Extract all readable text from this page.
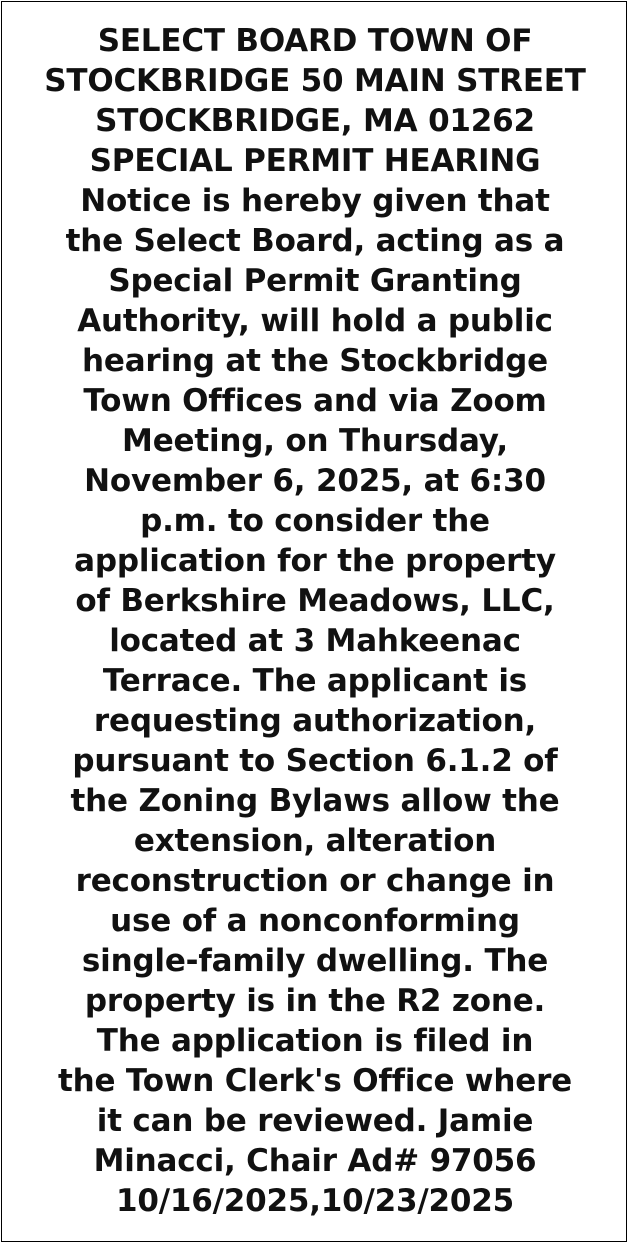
SELECT BOARD TOWN OF
STOCKBRIDGE 50 MAIN STREET
STOCKBRIDGE, MA 01262
SPECIAL PERMIT HEARING
Notice is hereby given that
the Select Board, acting as a
Special Permit Granting
Authority, will hold a public
hearing at the Stockbridge
Town Offices and via Zoom
Meeting, on Thursday,
November 6, 2025, at 6:30
p.m. to consider the
application for the property
of Berkshire Meadows, LLC,
located at 3 Mahkeenac
Terrace. The applicant is
requesting authorization,
pursuant to Section 6.1.2 of
the Zoning Bylaws allow the
extension, alteration
reconstruction or change in
use of a nonconforming
single-family dwelling. The
property is in the R2 zone.
The application is filed in
the Town Clerk's Office where
it can be reviewed. Jamie
Minacci, Chair Ad# 97056
10/16/2025,10/23/2025
